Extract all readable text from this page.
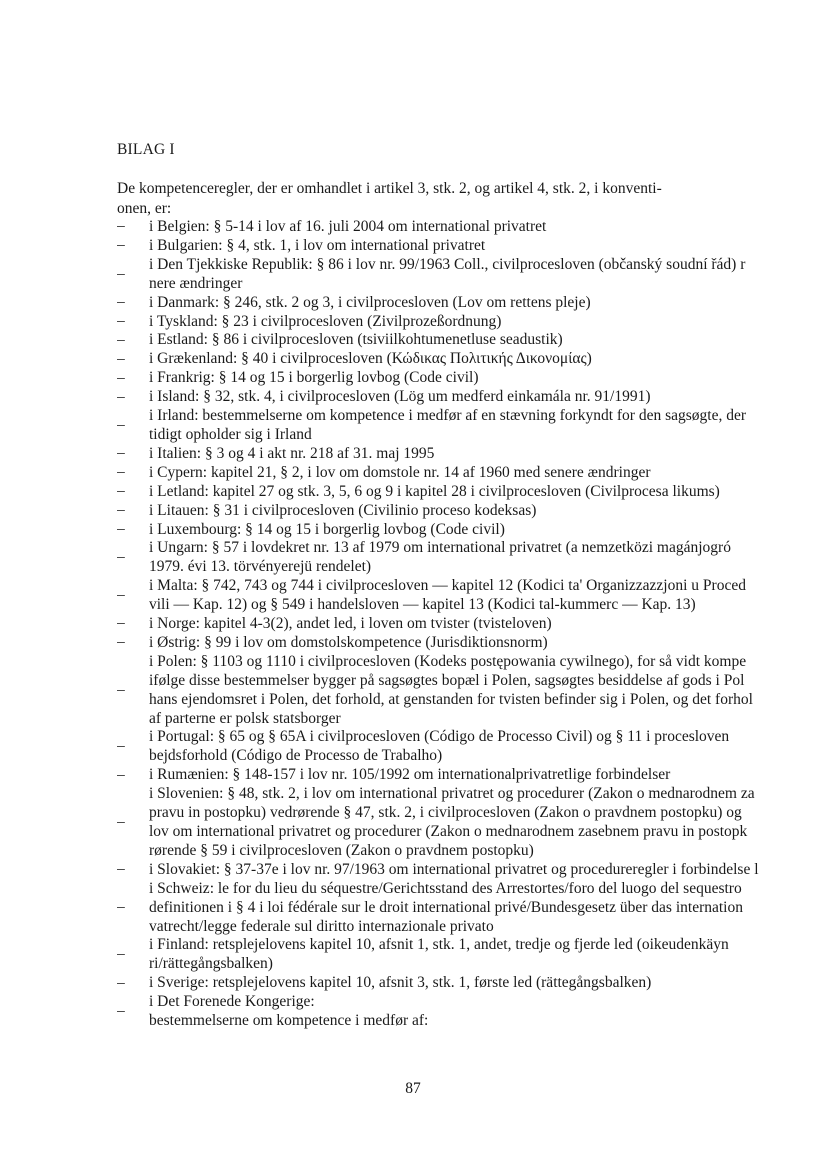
BILAG I

De kompetenceregler, der er omhandlet i artikel 3, stk. 2, og artikel 4, stk. 2, i konventi-
onen, er:

–	i Belgien: § 5-14 i lov af 16. juli 2004 om international privatret
–	i Bulgarien: § 4, stk. 1, i lov om international privatret
–
i Den Tjekkiske Republik: § 86 i lov nr. 99/1963 Coll., civilprocesloven (občanský soudní řád) r
nere ændringer
–	i Danmark: § 246, stk. 2 og 3, i civilprocesloven (Lov om rettens pleje)
–	i Tyskland: § 23 i civilprocesloven (Zivilprozeßordnung)
–	i Estland: § 86 i civilprocesloven (tsiviilkohtumenetluse seadustik)
–	i Grækenland: § 40 i civilprocesloven (Κώδικας Πολιτικής Δικονομίας)
–	i Frankrig: § 14 og 15 i borgerlig lovbog (Code civil)
–	i Island: § 32, stk. 4, i civilprocesloven (Lög um medferd einkamála nr. 91/1991)
–
i Irland: bestemmelserne om kompetence i medfør af en stævning forkyndt for den sagsøgte, der
tidigt opholder sig i Irland
–	i Italien: § 3 og 4 i akt nr. 218 af 31. maj 1995
–	i Cypern: kapitel 21, § 2, i lov om domstole nr. 14 af 1960 med senere ændringer
–	i Letland: kapitel 27 og stk. 3, 5, 6 og 9 i kapitel 28 i civilprocesloven (Civilprocesa likums)
–	i Litauen: § 31 i civilprocesloven (Civilinio proceso kodeksas)
–	i Luxembourg: § 14 og 15 i borgerlig lovbog (Code civil)
–
i Ungarn: § 57 i lovdekret nr. 13 af 1979 om international privatret (a nemzetközi magánjogró
1979. évi 13. törvényerejü rendelet)
–
i Malta: § 742, 743 og 744 i civilprocesloven — kapitel 12 (Kodici ta' Organizzazzjoni u Proced
vili — Kap. 12) og § 549 i handelsloven — kapitel 13 (Kodici tal-kummerc — Kap. 13)
–	i Norge: kapitel 4-3(2), andet led, i loven om tvister (tvisteloven)
–	i Østrig: § 99 i lov om domstolskompetence (Jurisdiktionsnorm)
–
i Polen: § 1103 og 1110 i civilprocesloven (Kodeks postępowania cywilnego), for så vidt kompe
ifølge disse bestemmelser bygger på sagsøgtes bopæl i Polen, sagsøgtes besiddelse af gods i Pol
hans ejendomsret i Polen, det forhold, at genstanden for tvisten befinder sig i Polen, og det forhol
af parterne er polsk statsborger
–
i Portugal: § 65 og § 65A i civilprocesloven (Código de Processo Civil) og § 11 i procesloven
bejdsforhold (Código de Processo de Trabalho)
–	i Rumænien: § 148-157 i lov nr. 105/1992 om internationalprivatretlige forbindelser
–
i Slovenien: § 48, stk. 2, i lov om international privatret og procedurer (Zakon o mednarodnem za
pravu in postopku) vedrørende § 47, stk. 2, i civilprocesloven (Zakon o pravdnem postopku) og
lov om international privatret og procedurer (Zakon o mednarodnem zasebnem pravu in postopk
rørende § 59 i civilprocesloven (Zakon o pravdnem postopku)
–	i Slovakiet: § 37-37e i lov nr. 97/1963 om international privatret og procedureregler i forbindelse l
–
i Schweiz: le for du lieu du séquestre/Gerichtsstand des Arrestortes/foro del luogo del sequestro
definitionen i § 4 i loi fédérale sur le droit international privé/Bundesgesetz über das internation
vatrecht/legge federale sul diritto internazionale privato
–
i Finland: retsplejelovens kapitel 10, afsnit 1, stk. 1, andet, tredje og fjerde led (oikeudenkäyn
ri/rättegångsbalken)
–	i Sverige: retsplejelovens kapitel 10, afsnit 3, stk. 1, første led (rättegångsbalken)
–
i Det Forenede Kongerige:
bestemmelserne om kompetence i medfør af:

87
